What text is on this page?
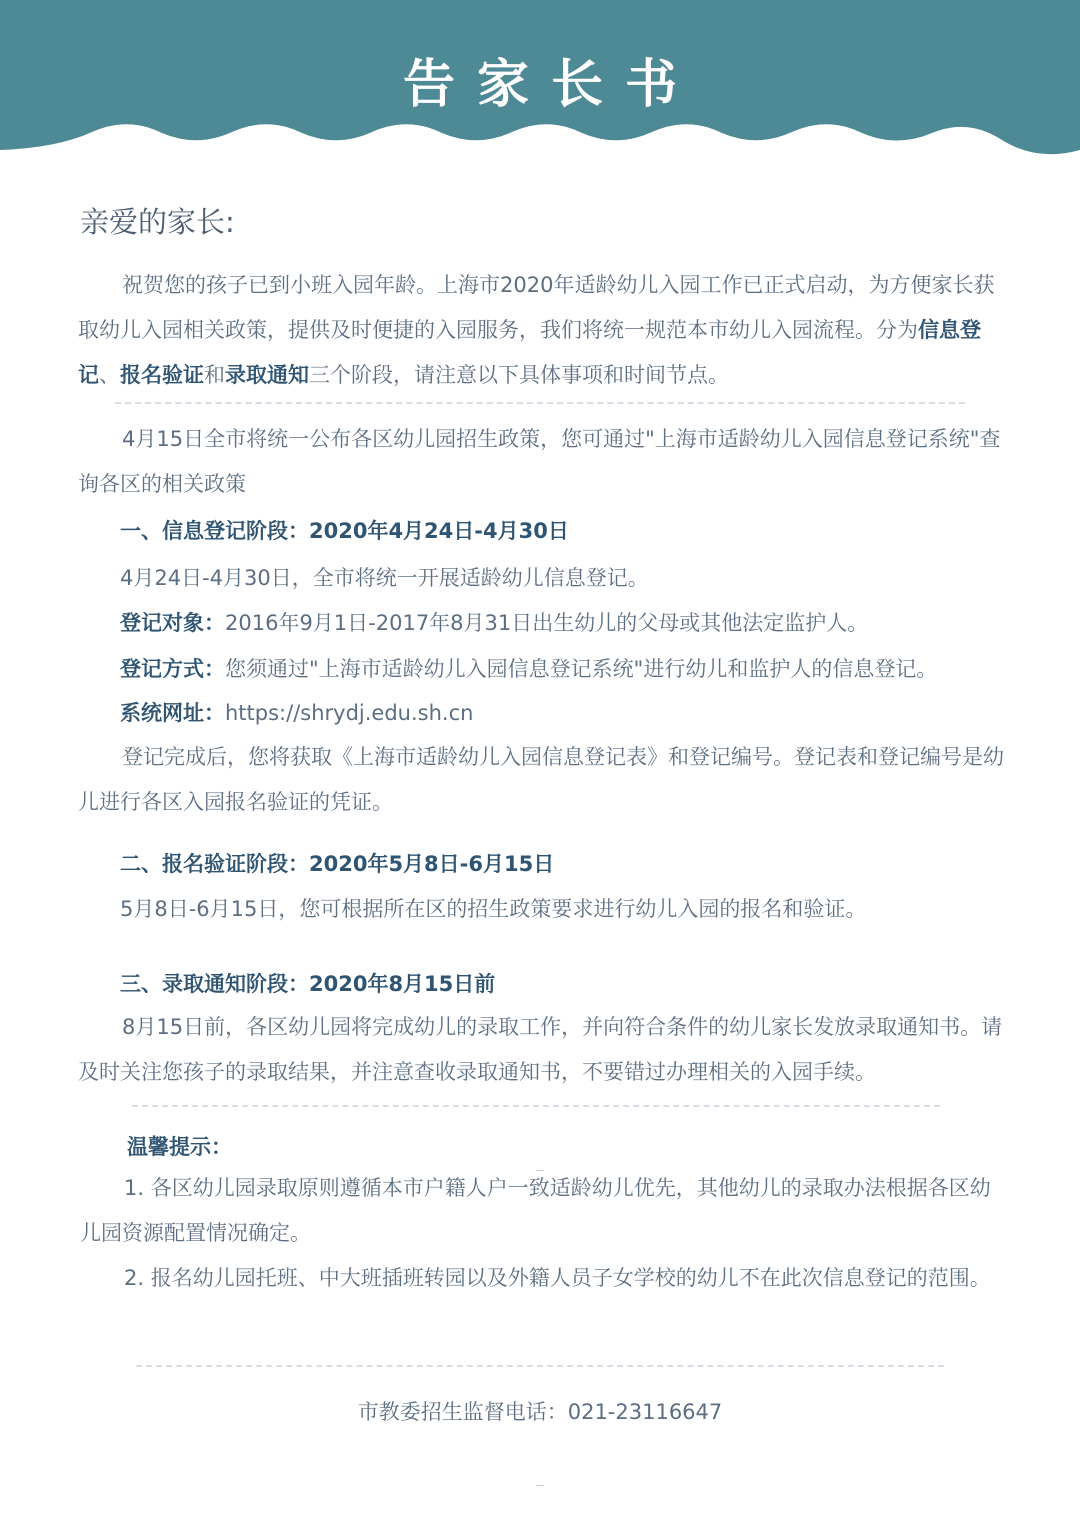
告家长书
亲爱的家长:
祝贺您的孩子已到小班入园年龄。上海市2020年适龄幼儿入园工作已正式启动，为方便家长获取幼儿入园相关政策，提供及时便捷的入园服务，我们将统一规范本市幼儿入园流程。分为信息登记、报名验证和录取通知三个阶段，请注意以下具体事项和时间节点。
4月15日全市将统一公布各区幼儿园招生政策，您可通过"上海市适龄幼儿入园信息登记系统"查询各区的相关政策
一、信息登记阶段：2020年4月24日-4月30日
4月24日-4月30日，全市将统一开展适龄幼儿信息登记。
登记对象：2016年9月1日-2017年8月31日出生幼儿的父母或其他法定监护人。
登记方式：您须通过"上海市适龄幼儿入园信息登记系统"进行幼儿和监护人的信息登记。
系统网址：https://shrydj.edu.sh.cn
登记完成后，您将获取《上海市适龄幼儿入园信息登记表》和登记编号。登记表和登记编号是幼儿进行各区入园报名验证的凭证。
二、报名验证阶段：2020年5月8日-6月15日
5月8日-6月15日，您可根据所在区的招生政策要求进行幼儿入园的报名和验证。
三、录取通知阶段：2020年8月15日前
8月15日前，各区幼儿园将完成幼儿的录取工作，并向符合条件的幼儿家长发放录取通知书。请及时关注您孩子的录取结果，并注意查收录取通知书，不要错过办理相关的入园手续。
温馨提示：
1. 各区幼儿园录取原则遵循本市户籍人户一致适龄幼儿优先，其他幼儿的录取办法根据各区幼儿园资源配置情况确定。
2. 报名幼儿园托班、中大班插班转园以及外籍人员子女学校的幼儿不在此次信息登记的范围。
市教委招生监督电话：021-23116647
